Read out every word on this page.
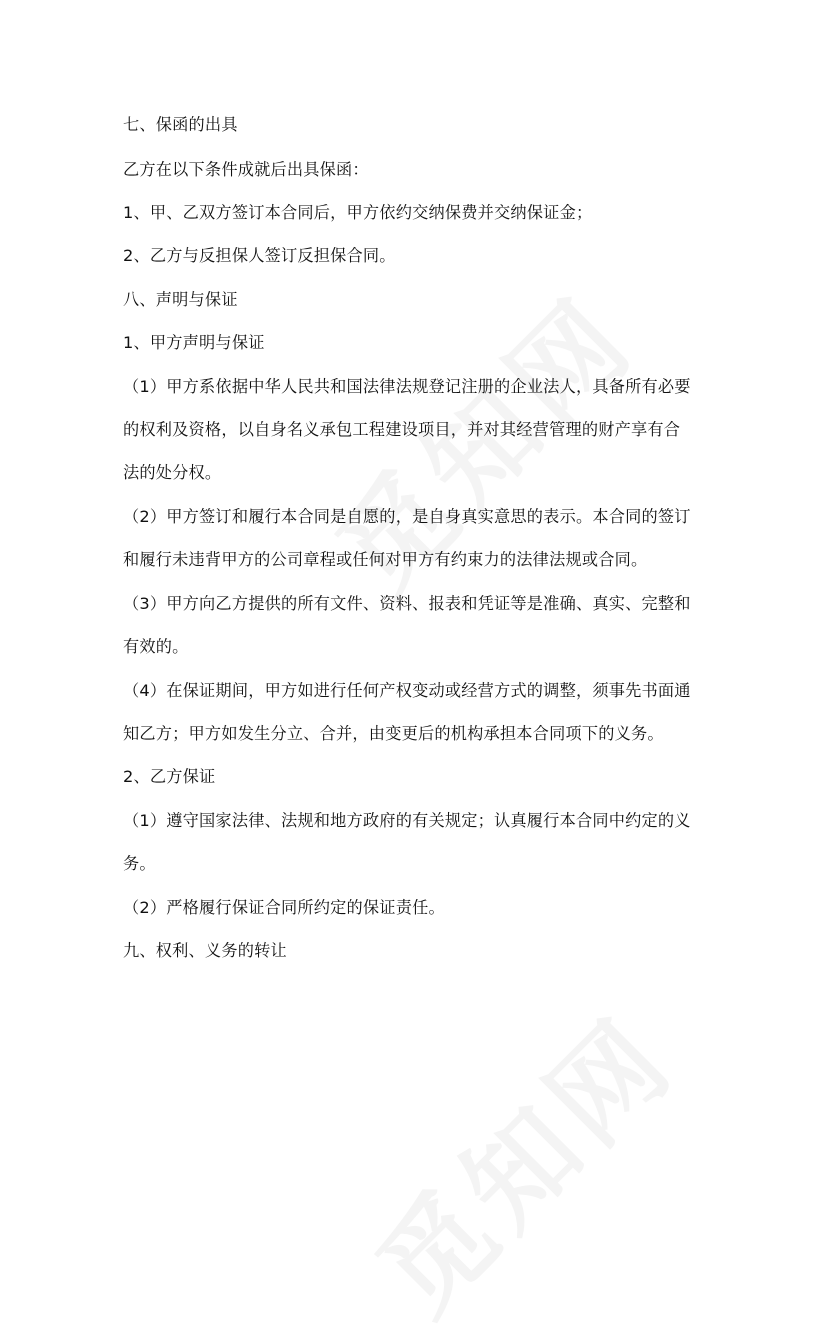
七、保函的出具
乙方在以下条件成就后出具保函：
1、甲、乙双方签订本合同后，甲方依约交纳保费并交纳保证金；
2、乙方与反担保人签订反担保合同。
八、声明与保证
1、甲方声明与保证
（1）甲方系依据中华人民共和国法律法规登记注册的企业法人，具备所有必要
的权利及资格，以自身名义承包工程建设项目，并对其经营管理的财产享有合
法的处分权。
（2）甲方签订和履行本合同是自愿的，是自身真实意思的表示。本合同的签订
和履行未违背甲方的公司章程或任何对甲方有约束力的法律法规或合同。
（3）甲方向乙方提供的所有文件、资料、报表和凭证等是准确、真实、完整和
有效的。
（4）在保证期间，甲方如进行任何产权变动或经营方式的调整，须事先书面通
知乙方；甲方如发生分立、合并，由变更后的机构承担本合同项下的义务。
2、乙方保证
（1）遵守国家法律、法规和地方政府的有关规定；认真履行本合同中约定的义
务。
（2）严格履行保证合同所约定的保证责任。
九、权利、义务的转让
